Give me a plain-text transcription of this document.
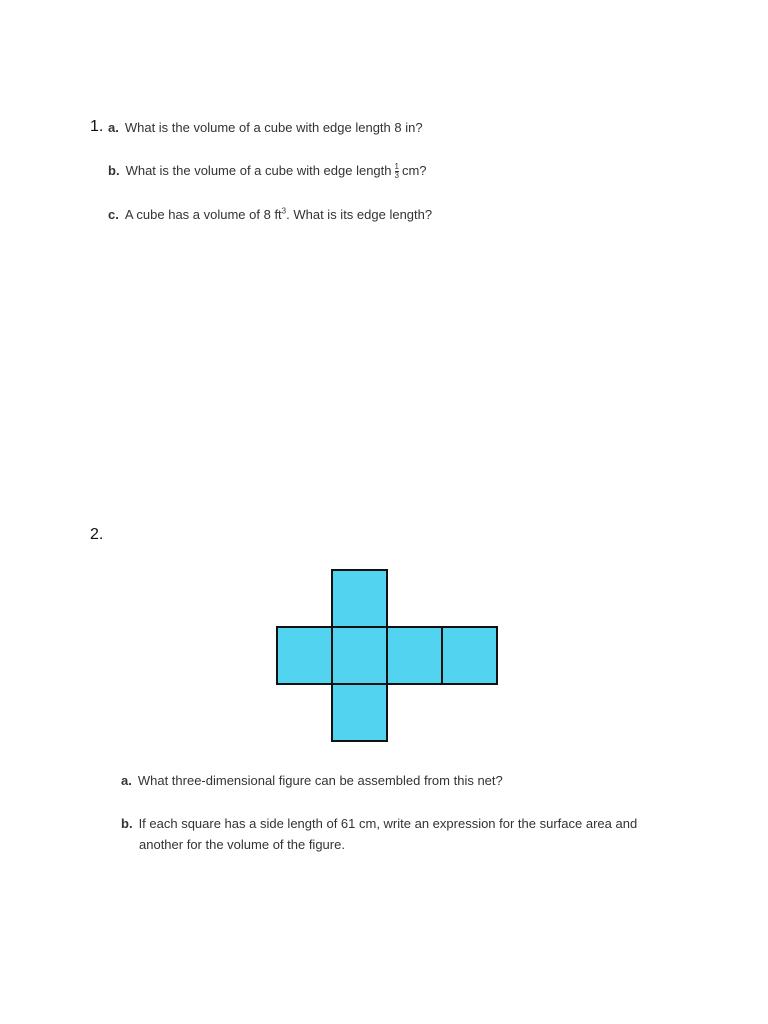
1. a. What is the volume of a cube with edge length 8 in?
b. What is the volume of a cube with edge length $\frac{1}{3}$ cm?
c. A cube has a volume of 8 $ft^3$. What is its edge length?
2.
a. What three-dimensional figure can be assembled from this net?
b. If each square has a side length of 61 cm, write an expression for the surface area and
another for the volume of the figure.
